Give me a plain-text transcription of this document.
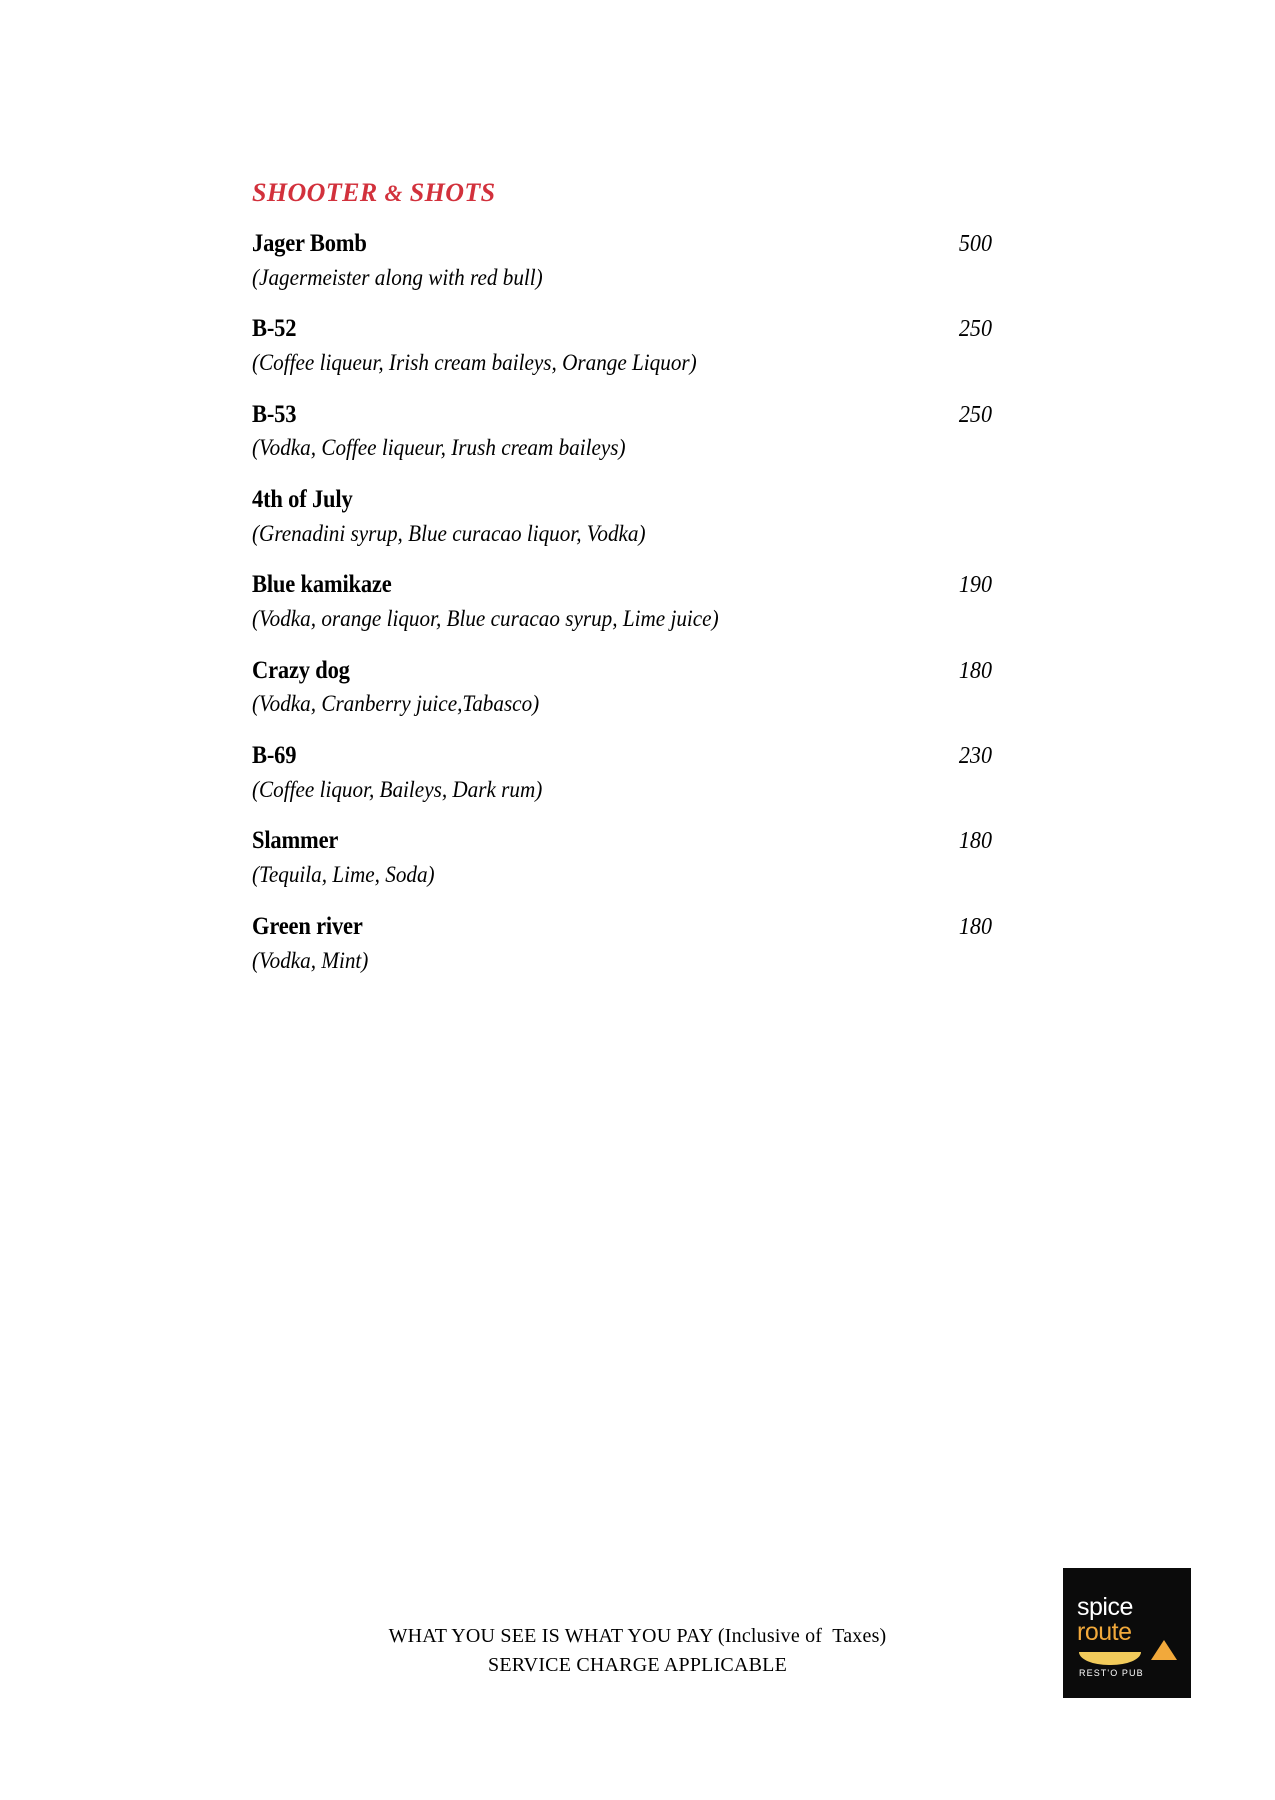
SHOOTER & SHOTS
Jager Bomb	500
(Jagermeister along with red bull)
B-52	250
(Coffee liqueur, Irish cream baileys, Orange Liquor)
B-53	250
(Vodka, Coffee liqueur, Irush cream baileys)
4th of July
(Grenadini syrup, Blue curacao liquor, Vodka)
Blue kamikaze	190
(Vodka, orange liquor, Blue curacao syrup, Lime juice)
Crazy dog	180
(Vodka, Cranberry juice,Tabasco)
B-69	230
(Coffee liquor, Baileys, Dark rum)
Slammer	180
(Tequila, Lime, Soda)
Green river	180
(Vodka, Mint)
WHAT YOU SEE IS WHAT YOU PAY (Inclusive of  Taxes)
SERVICE CHARGE APPLICABLE
spice
route
REST'O PUB
